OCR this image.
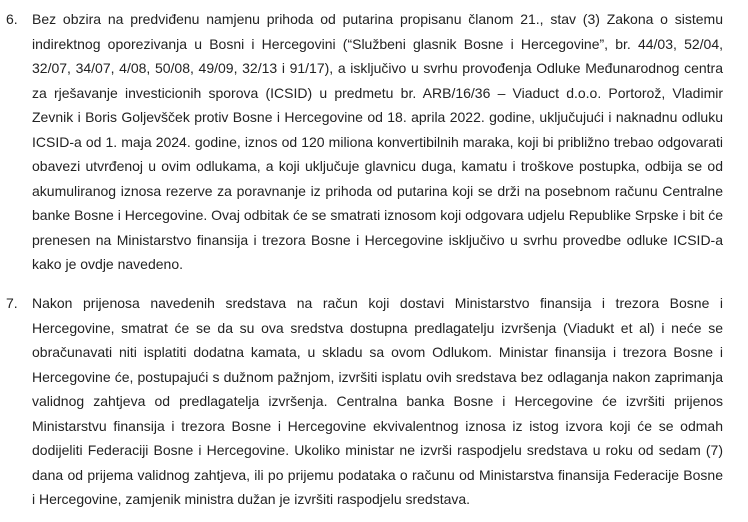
6. Bez obzira na predviđenu namjenu prihoda od putarina propisanu članom 21., stav (3) Zakona o sistemu indirektnog oporezivanja u Bosni i Hercegovini (“Službeni glasnik Bosne i Hercegovine”, br. 44/03, 52/04, 32/07, 34/07, 4/08, 50/08, 49/09, 32/13 i 91/17), a isključivo u svrhu provođenja Odluke Međunarodnog centra za rješavanje investicionih sporova (ICSID) u predmetu br. ARB/16/36 – Viaduct d.o.o. Portorož, Vladimir Zevnik i Boris Goljevšček protiv Bosne i Hercegovine od 18. aprila 2022. godine, uključujući i naknadnu odluku ICSID-a od 1. maja 2024. godine, iznos od 120 miliona konvertibilnih maraka, koji bi približno trebao odgovarati obavezi utvrđenoj u ovim odlukama, a koji uključuje glavnicu duga, kamatu i troškove postupka, odbija se od akumuliranog iznosa rezerve za poravnanje iz prihoda od putarina koji se drži na posebnom računu Centralne banke Bosne i Hercegovine. Ovaj odbitak će se smatrati iznosom koji odgovara udjelu Republike Srpske i bit će prenesen na Ministarstvo finansija i trezora Bosne i Hercegovine isključivo u svrhu provedbe odluke ICSID-a kako je ovdje navedeno.

7. Nakon prijenosa navedenih sredstava na račun koji dostavi Ministarstvo finansija i trezora Bosne i Hercegovine, smatrat će se da su ova sredstva dostupna predlagatelju izvršenja (Viadukt et al) i neće se obračunavati niti isplatiti dodatna kamata, u skladu sa ovom Odlukom. Ministar finansija i trezora Bosne i Hercegovine će, postupajući s dužnom pažnjom, izvršiti isplatu ovih sredstava bez odlaganja nakon zaprimanja validnog zahtjeva od predlagatelja izvršenja. Centralna banka Bosne i Hercegovine će izvršiti prijenos Ministarstvu finansija i trezora Bosne i Hercegovine ekvivalentnog iznosa iz istog izvora koji će se odmah dodijeliti Federaciji Bosne i Hercegovine. Ukoliko ministar ne izvrši raspodjelu sredstava u roku od sedam (7) dana od prijema validnog zahtjeva, ili po prijemu podataka o računu od Ministarstva finansija Federacije Bosne i Hercegovine, zamjenik ministra dužan je izvršiti raspodjelu sredstava.
